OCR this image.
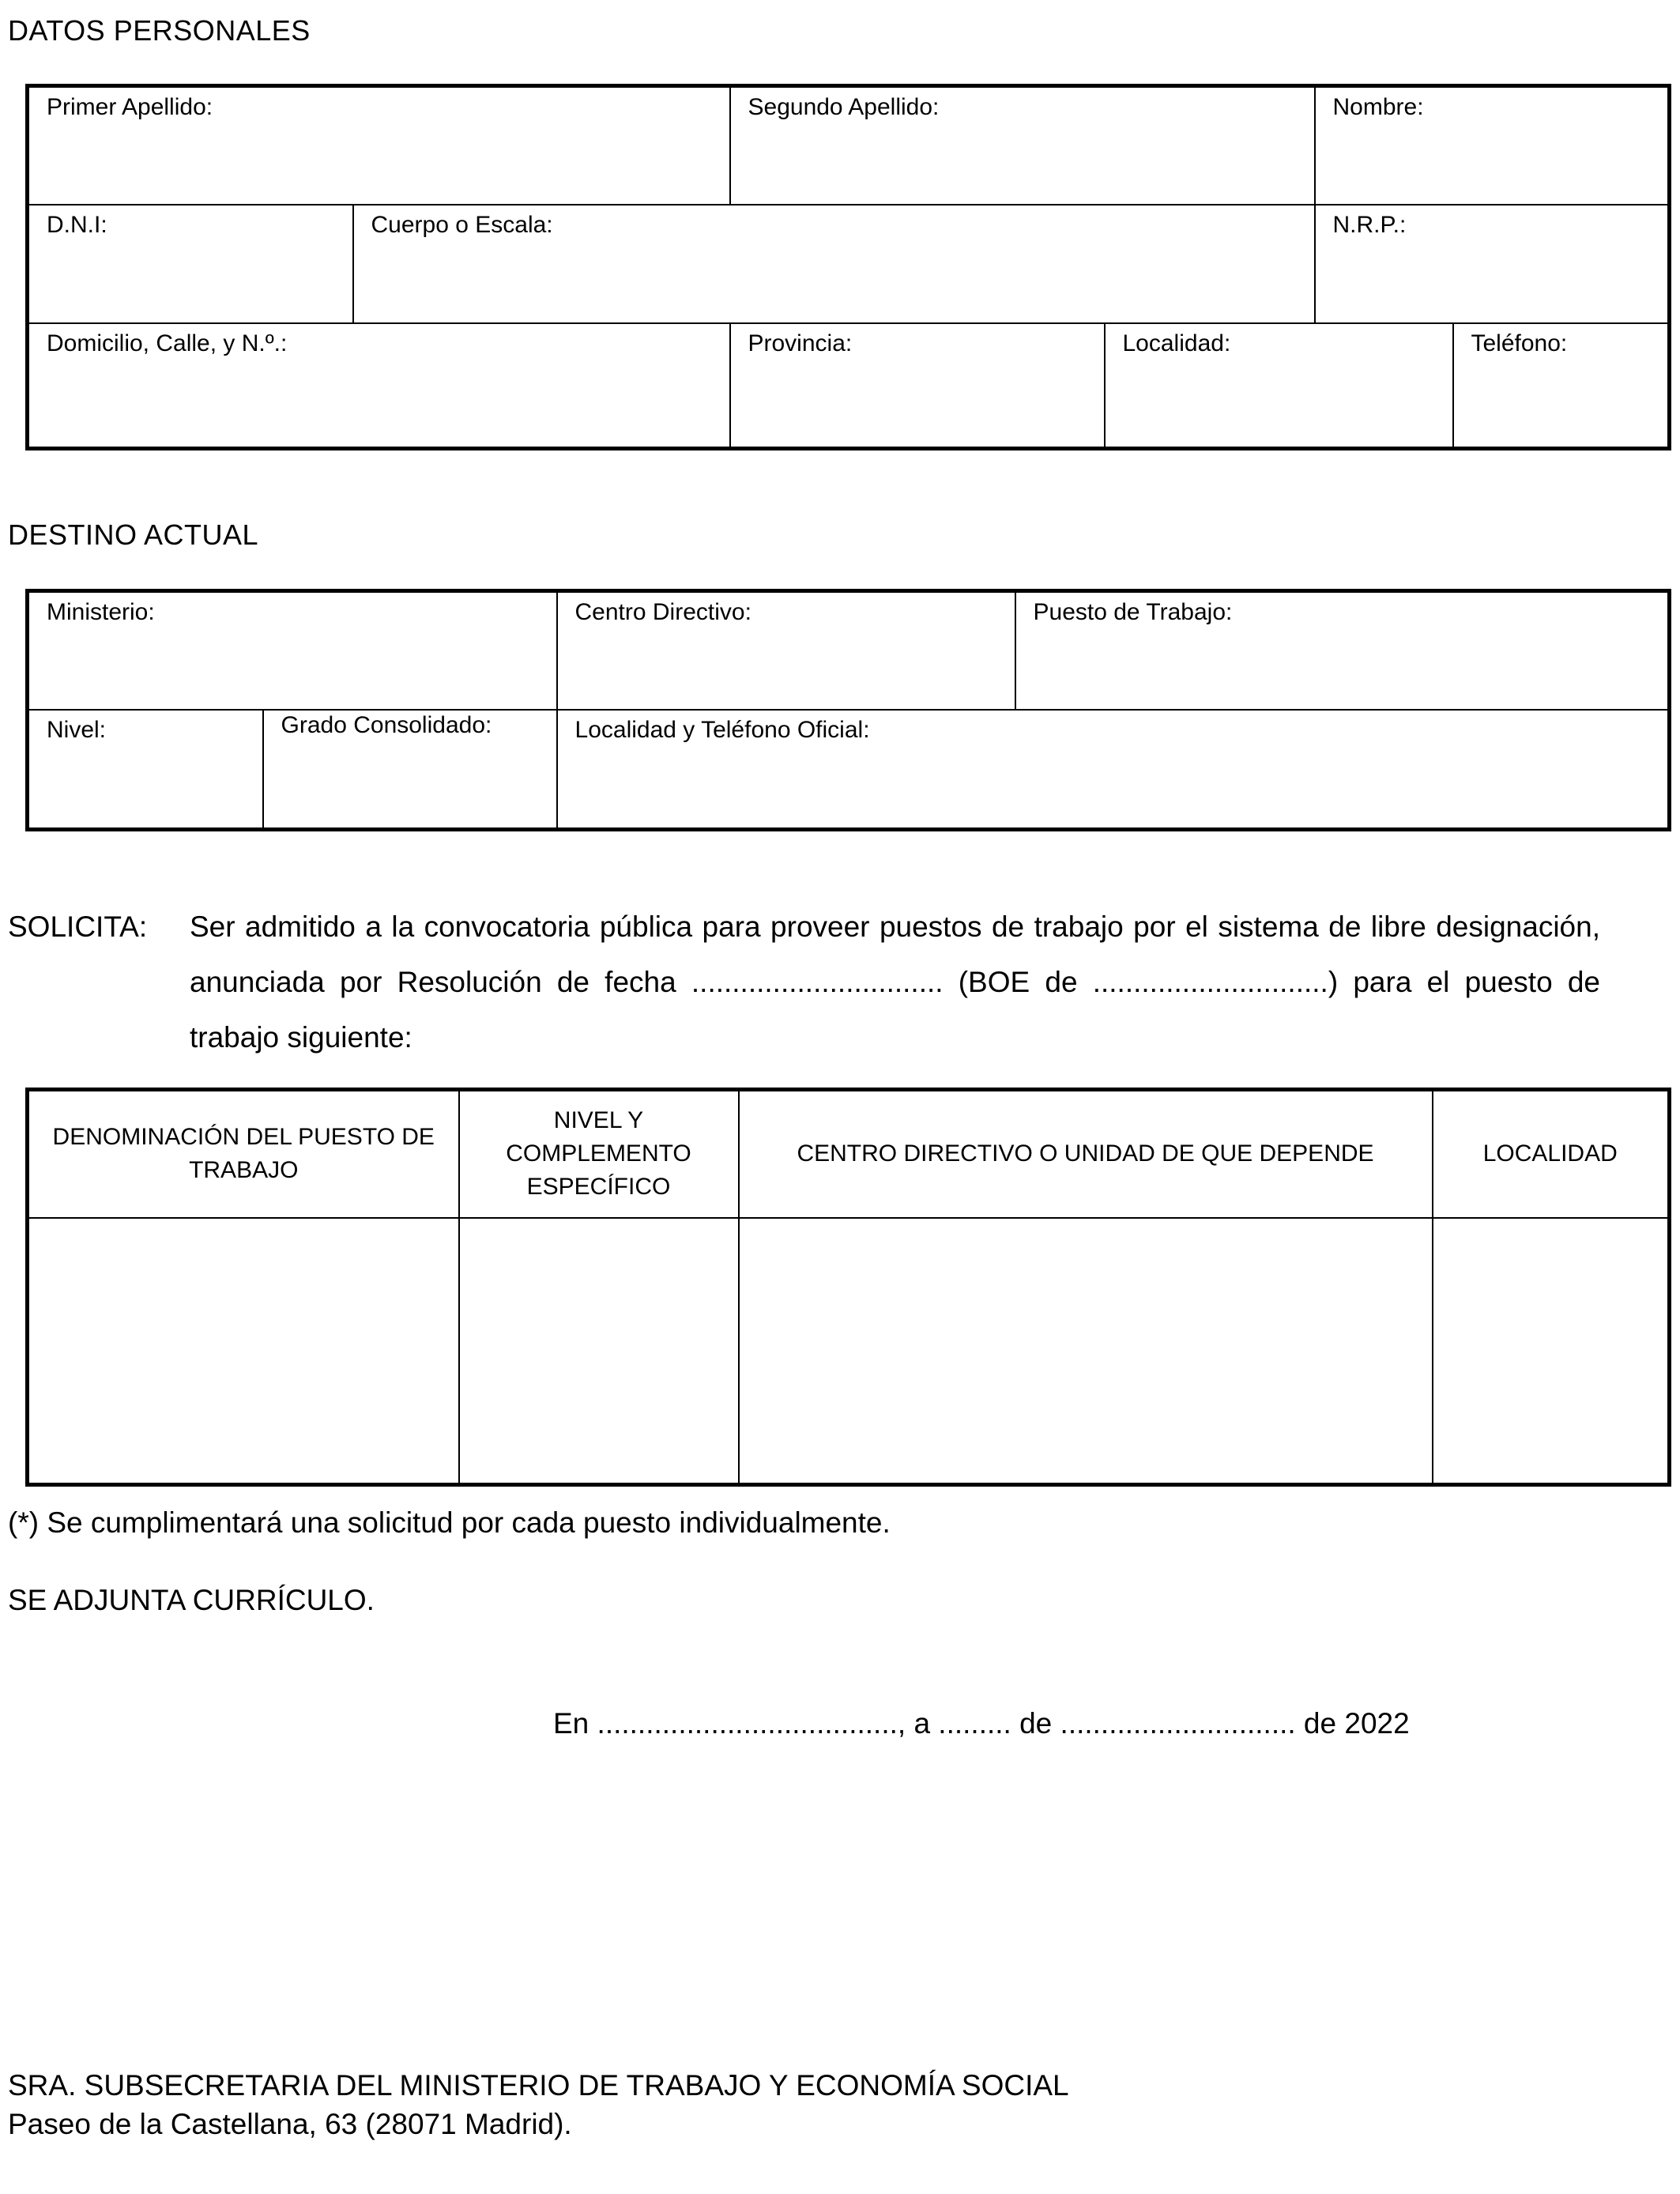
DATOS PERSONALES
Primer Apellido:	Segundo Apellido:	Nombre:
D.N.I:	Cuerpo o Escala:	N.R.P.:
Domicilio, Calle, y N.º.:	Provincia:		Localidad:	Teléfono:
DESTINO ACTUAL
Ministerio:		Centro Directivo:	Puesto de Trabajo:
Nivel:	Grado Consolidado:	Localidad y Teléfono Oficial:	
SOLICITA: Ser admitido a la convocatoria pública para proveer puestos de trabajo por el sistema de libre designación, anunciada por Resolución de fecha ............................... (BOE de .............................) para el puesto de trabajo siguiente:
DENOMINACIÓN DEL PUESTO DE TRABAJO	NIVEL Y COMPLEMENTO ESPECÍFICO	CENTRO DIRECTIVO O UNIDAD DE QUE DEPENDE	LOCALIDAD

(*) Se cumplimentará una solicitud por cada puesto individualmente.
SE ADJUNTA CURRÍCULO.
En ....................................., a ......... de ............................. de 2022
SRA. SUBSECRETARIA DEL MINISTERIO DE TRABAJO Y ECONOMÍA SOCIAL
Paseo de la Castellana, 63 (28071 Madrid).
